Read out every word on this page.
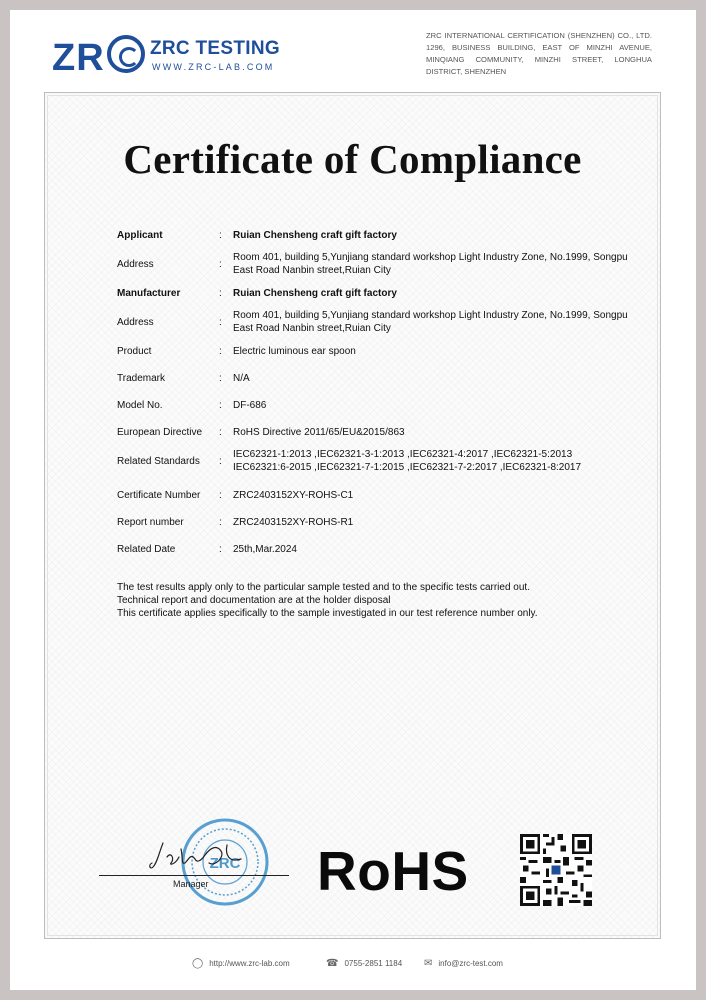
ZR	ZRC TESTING
WWW.ZRC-LAB.COM
ZRC INTERNATIONAL CERTIFICATION (SHENZHEN) CO., LTD. 1296, BUSINESS BUILDING, EAST OF MINZHI AVENUE, MINQIANG COMMUNITY, MINZHI STREET, LONGHUA DISTRICT, SHENZHEN
Certificate of Compliance
Applicant	: Ruian Chensheng craft gift factory
Address	:
Room 401, building 5,Yunjiang standard workshop Light Industry Zone, No.1999, Songpu East Road Nanbin street,Ruian City
Manufacturer	: Ruian Chensheng craft gift factory
Address	:
Room 401, building 5,Yunjiang standard workshop Light Industry Zone, No.1999, Songpu East Road Nanbin street,Ruian City
Product	: Electric luminous ear spoon
Trademark	: N/A
Model No.	: DF-686
European Directive	: RoHS Directive 2011/65/EU&2015/863
Related Standards	:
IEC62321-1:2013 ,IEC62321-3-1:2013 ,IEC62321-4:2017 ,IEC62321-5:2013 IEC62321:6-2015 ,IEC62321-7-1:2015 ,IEC62321-7-2:2017 ,IEC62321-8:2017
Certificate Number	: ZRC2403152XY-ROHS-C1
Report number	: ZRC2403152XY-ROHS-R1
Related Date	: 25th,Mar.2024
The test results apply only to the particular sample tested and to the specific tests carried out.
Technical report and documentation are at the holder disposal
This certificate applies specifically to the sample investigated in our test reference number only.
ZRC
Manager RoHS
◯ http://www.zrc-lab.com	☎ 0755-2851 1184 ✉ info@zrc-test.com
